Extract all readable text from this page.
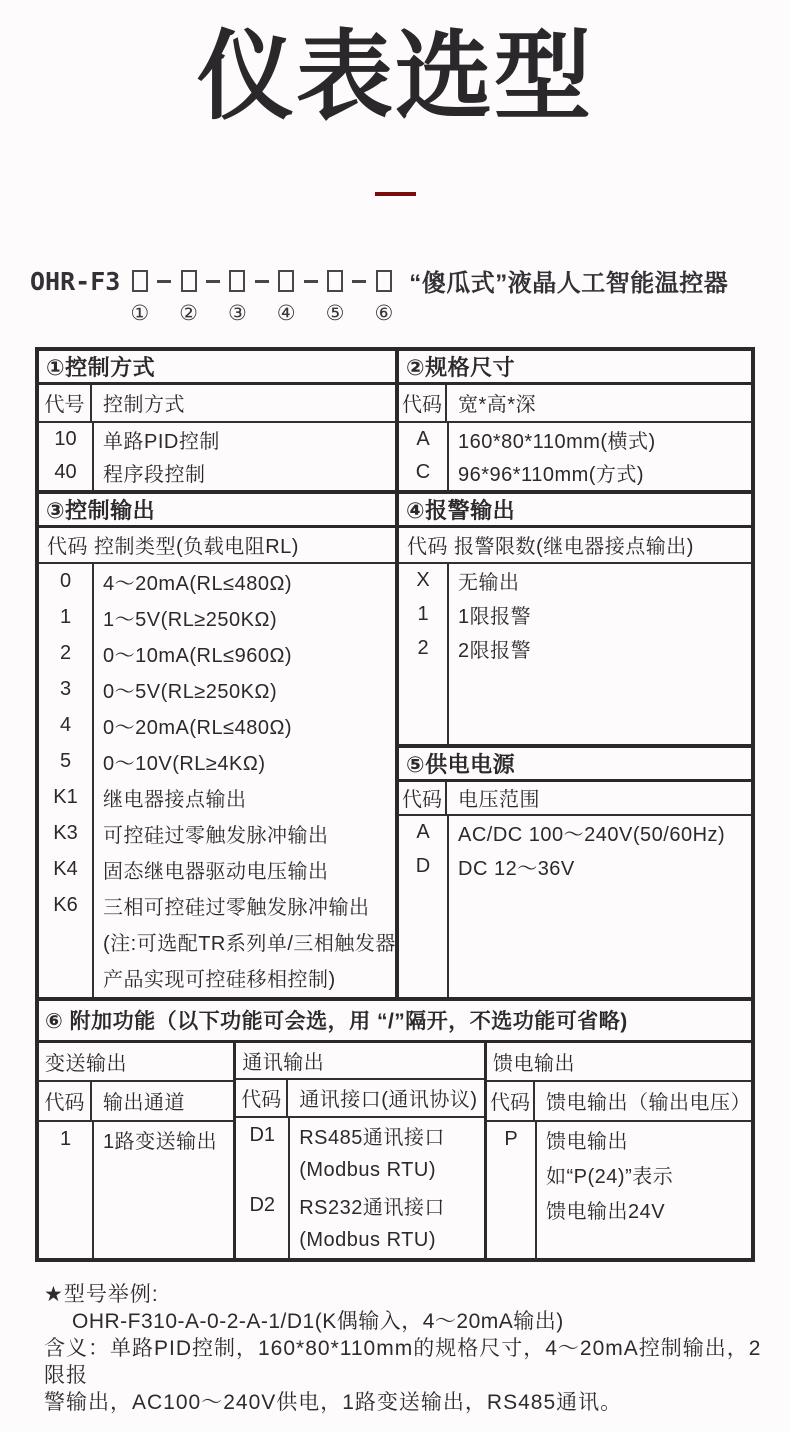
仪表选型
OHR-F3
① ② ③ ④ ⑤ ⑥
“傻瓜式”液晶人工智能温控器
①控制方式
代号 控制方式
10	单路PID控制
40	程序段控制
③控制输出
代码 控制类型(负载电阻RL)
0	4～20mA(RL≤480Ω)
1	1～5V(RL≥250KΩ)
2	0～10mA(RL≤960Ω)
3	0～5V(RL≥250KΩ)
4	0～20mA(RL≤480Ω)
5	0～10V(RL≥4KΩ)
K1	继电器接点输出
K3	可控硅过零触发脉冲输出
K4	固态继电器驱动电压输出
K6	三相可控硅过零触发脉冲输出
(注:可选配TR系列单/三相触发器
产品实现可控硅移相控制)
②规格尺寸
代码 宽*高*深
A	160*80*110mm(横式)
C	96*96*110mm(方式)
④报警输出
代码 报警限数(继电器接点输出)
X	无输出
1	1限报警
2	2限报警
⑤供电电源
代码 电压范围
A	AC/DC 100～240V(50/60Hz)
D	DC 12～36V
⑥ 附加功能（以下功能可会选，用 “/”隔开，不选功能可省略)
变送输出
代码 输出通道
1	1路变送输出
通讯输出
代码 通讯接口(通讯协议)
D1	RS485通讯接口
(Modbus RTU)
D2	RS232通讯接口
(Modbus RTU)
馈电输出
代码 馈电输出（输出电压）
P	馈电输出
如“P(24)”表示
馈电输出24V
★型号举例:
OHR-F310-A-0-2-A-1/D1(K偶输入，4～20mA输出)
含义：单路PID控制，160*80*110mm的规格尺寸，4～20mA控制输出，2限报
警输出，AC100～240V供电，1路变送输出，RS485通讯。
